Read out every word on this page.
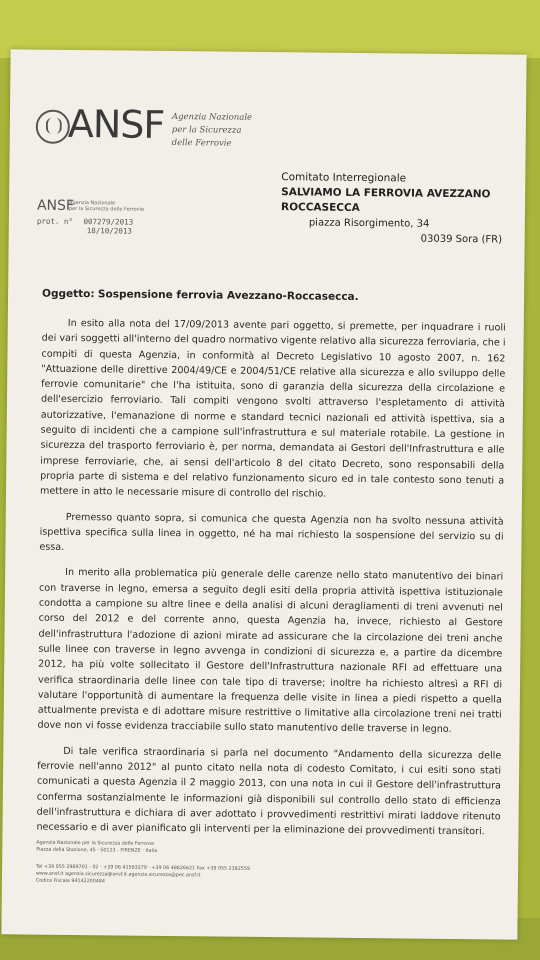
ANSF Agenzia Nazionale
per la Sicurezza
delle Ferrovie
ANSF
Agenzia Nazionale
per la Sicurezza delle Ferrovie
prot. n° 007279/2013
18/10/2013
Comitato Interregionale
SALVIAMO LA FERROVIA AVEZZANO
ROCCASECCA
piazza Risorgimento, 34
03039 Sora (FR)
Oggetto: Sospensione ferrovia Avezzano-Roccasecca.

In esito alla nota del 17/09/2013 avente pari oggetto, si premette, per inquadrare i ruoli dei vari soggetti all'interno del quadro normativo vigente relativo alla sicurezza ferroviaria, che i compiti di questa Agenzia, in conformità al Decreto Legislativo 10 agosto 2007, n. 162 "Attuazione delle direttive 2004/49/CE e 2004/51/CE relative alla sicurezza e allo sviluppo delle ferrovie comunitarie" che l'ha istituita, sono di garanzia della sicurezza della circolazione e dell'esercizio ferroviario. Tali compiti vengono svolti attraverso l'espletamento di attività autorizzative, l'emanazione di norme e standard tecnici nazionali ed attività ispettiva, sia a seguito di incidenti che a campione sull'infrastruttura e sul materiale rotabile. La gestione in sicurezza del trasporto ferroviario è, per norma, demandata ai Gestori dell'Infrastruttura e alle imprese ferroviarie, che, ai sensi dell'articolo 8 del citato Decreto, sono responsabili della propria parte di sistema e del relativo funzionamento sicuro ed in tale contesto sono tenuti a mettere in atto le necessarie misure di controllo del rischio.

Premesso quanto sopra, si comunica che questa Agenzia non ha svolto nessuna attività ispettiva specifica sulla linea in oggetto, né ha mai richiesto la sospensione del servizio su di essa.

In merito alla problematica più generale delle carenze nello stato manutentivo dei binari con traverse in legno, emersa a seguito degli esiti della propria attività ispettiva istituzionale condotta a campione su altre linee e della analisi di alcuni deragliamenti di treni avvenuti nel corso del 2012 e del corrente anno, questa Agenzia ha, invece, richiesto al Gestore dell'infrastruttura l'adozione di azioni mirate ad assicurare che la circolazione dei treni anche sulle linee con traverse in legno avvenga in condizioni di sicurezza e, a partire da dicembre 2012, ha più volte sollecitato il Gestore dell'Infrastruttura nazionale RFI ad effettuare una verifica straordinaria delle linee con tale tipo di traverse; inoltre ha richiesto altresì a RFI di valutare l'opportunità di aumentare la frequenza delle visite in linea a piedi rispetto a quella attualmente prevista e di adottare misure restrittive o limitative alla circolazione treni nei tratti dove non vi fosse evidenza tracciabile sullo stato manutentivo delle traverse in legno.

Di tale verifica straordinaria si parla nel documento "Andamento della sicurezza delle ferrovie nell'anno 2012" al punto citato nella nota di codesto Comitato, i cui esiti sono stati comunicati a questa Agenzia il 2 maggio 2013, con una nota in cui il Gestore dell'infrastruttura conferma sostanzialmente le informazioni già disponibili sul controllo dello stato di efficienza dell'infrastruttura e dichiara di aver adottato i provvedimenti restrittivi mirati laddove ritenuto necessario e di aver pianificato gli interventi per la eliminazione dei provvedimenti transitori.

Agenzia Nazionale per la Sicurezza delle Ferrovie
Piazza della Stazione, 45 · 50123 - FIRENZE · Italia
Tel +39 055 2989701 - 02 · +39 06 41583379 · +39 06 48826621 Fax +39 055 2382559
www.ansf.it agenzia.sicurezza@ansf.it agenzia.sicurezza@pec.ansf.it
Codice Fiscale 94142200484
